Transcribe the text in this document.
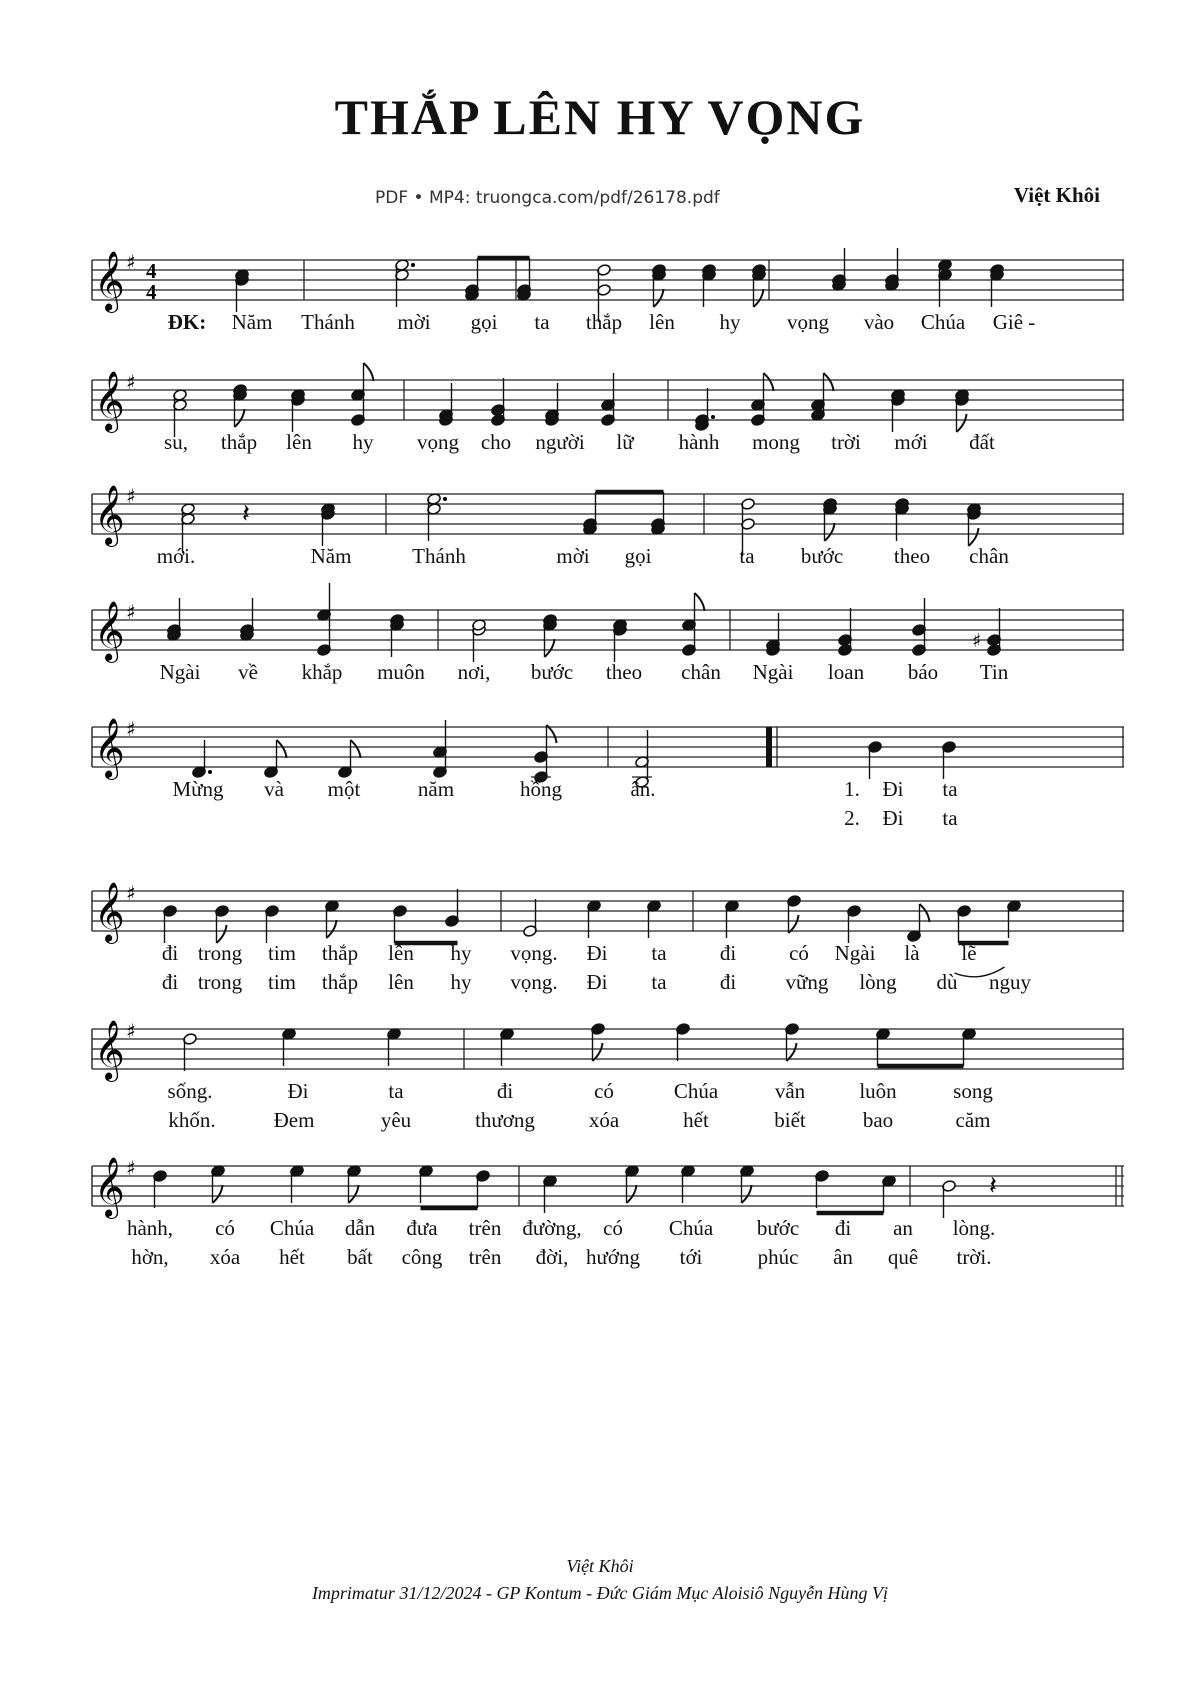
THẮP LÊN HY VỌNG
PDF • MP4: truongca.com/pdf/26178.pdf	Việt Khôi
𝄞 ♯ 4
4
ĐK: Năm Thánh mời gọi ta thắp lên hy vọng vào Chúa Giê -
𝄞 ♯
su, thắp lên hy vọng cho người lữ hành mong trời mới đất
𝄞 ♯
𝄽
mới.	Năm	Thánh	mời gọi	ta bước theo chân
𝄞 ♯
♯
Ngài về khắp muôn nơi, bước theo chân Ngài loan báo Tin
𝄞 ♯
Mừng và một	năm	hồng	ân.	1. Đi ta
2. Đi ta
𝄞 ♯
đi trong tim thắp lên hy vọng. Đi ta	đi	có Ngài là lẽ
đi trong tim thắp lên hy vọng. Đi ta	đi vững lòng dù nguy
𝄞 ♯
sống.	Đi	ta	đi	có	Chúa	vẫn	luôn	song
khốn.	Đem	yêu	thương	xóa	hết	biết	bao	căm
𝄞 ♯
𝄽
hành, có Chúa dẫn đưa trên đường, có Chúa bước đi an lòng.
hờn, xóa hết bất công trên đời, hướng tới	phúc ân quê trời.
Việt Khôi
Imprimatur 31/12/2024 - GP Kontum - Đức Giám Mục Aloisiô Nguyễn Hùng Vị
